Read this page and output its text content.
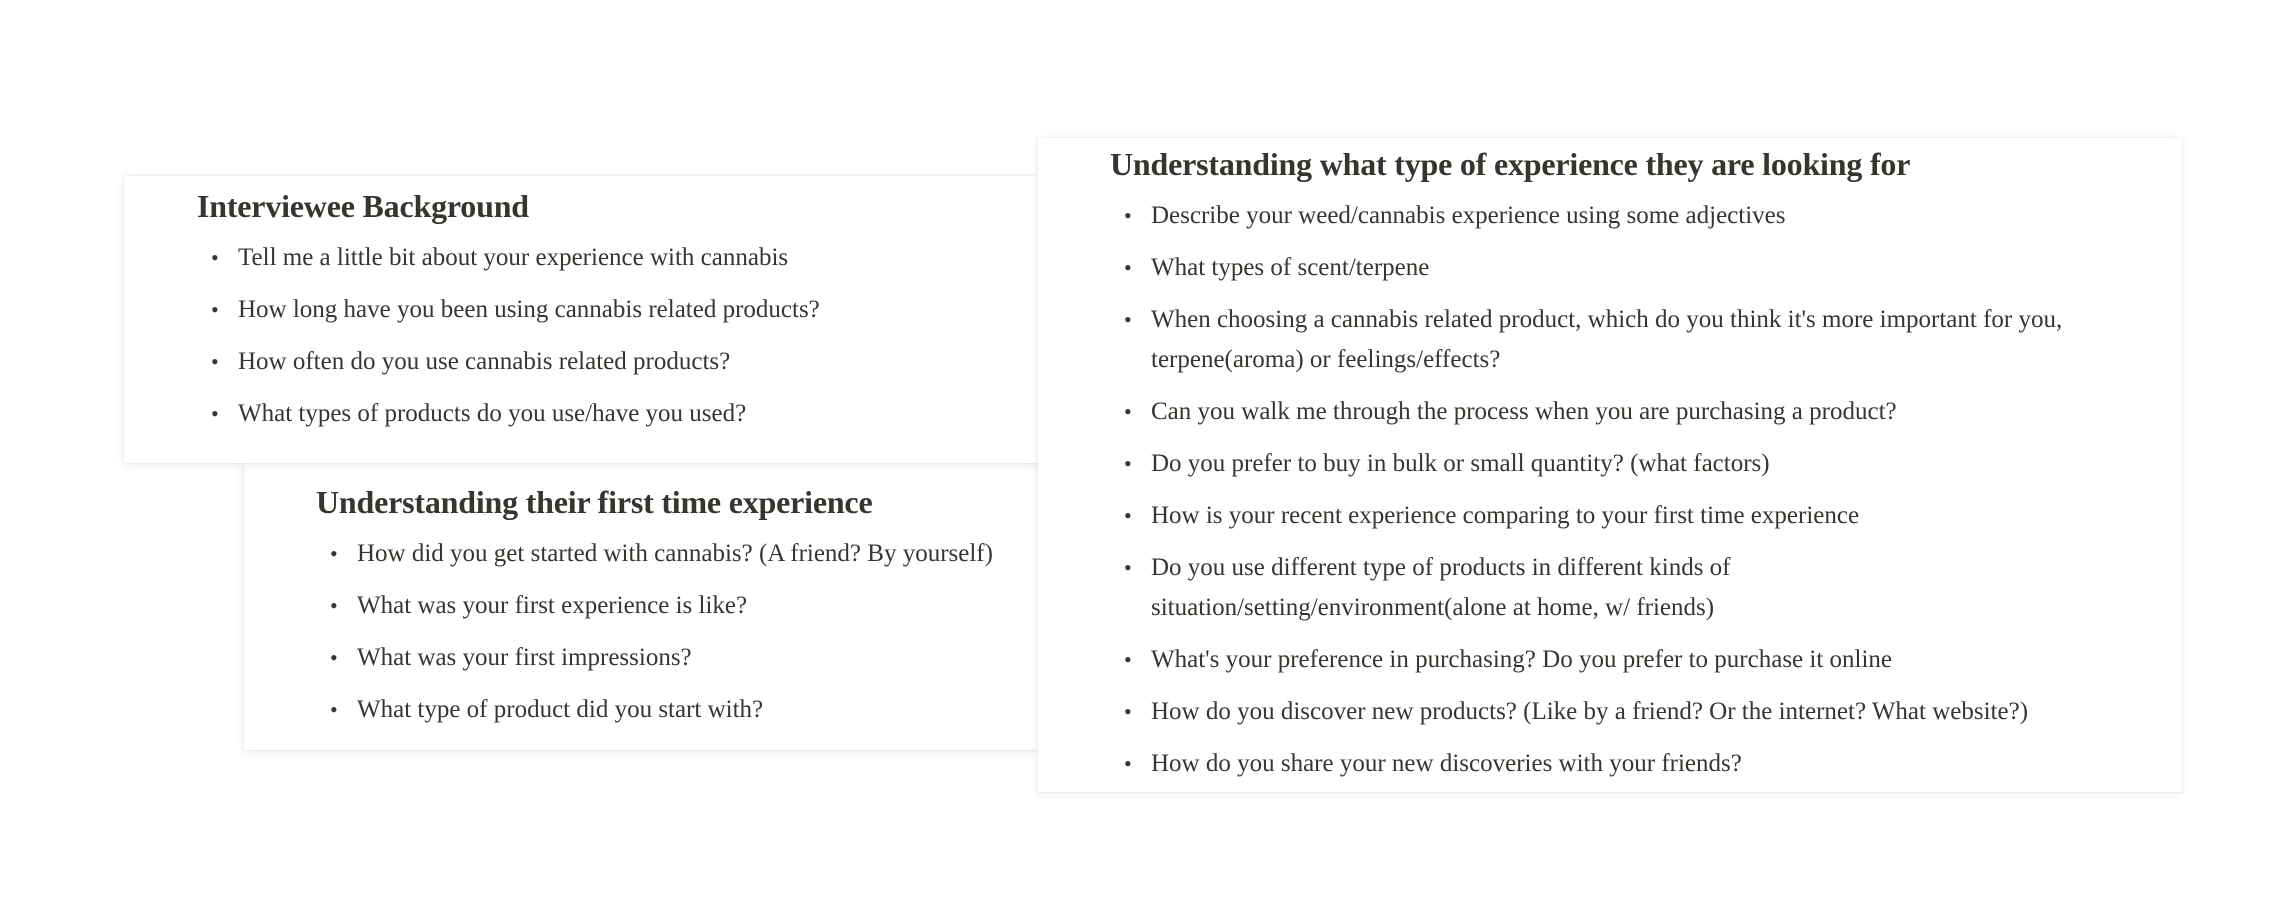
Understanding their first time experience
• How did you get started with cannabis? (A friend? By yourself)
• What was your first experience is like?
• What was your first impressions?
• What type of product did you start with?
Interviewee Background
• Tell me a little bit about your experience with cannabis
• How long have you been using cannabis related products?
• How often do you use cannabis related products?
• What types of products do you use/have you used?
Understanding what type of experience they are looking for
• Describe your weed/cannabis experience using some adjectives
• What types of scent/terpene
• When choosing a cannabis related product, which do you think it's more important for you, terpene(aroma) or feelings/effects?
• Can you walk me through the process when you are purchasing a product?
• Do you prefer to buy in bulk or small quantity? (what factors)
• How is your recent experience comparing to your first time experience
• Do you use different type of products in different kinds of situation/setting/environment(alone at home, w/ friends)
• What's your preference in purchasing? Do you prefer to purchase it online
• How do you discover new products? (Like by a friend? Or the internet? What website?)
• How do you share your new discoveries with your friends?
